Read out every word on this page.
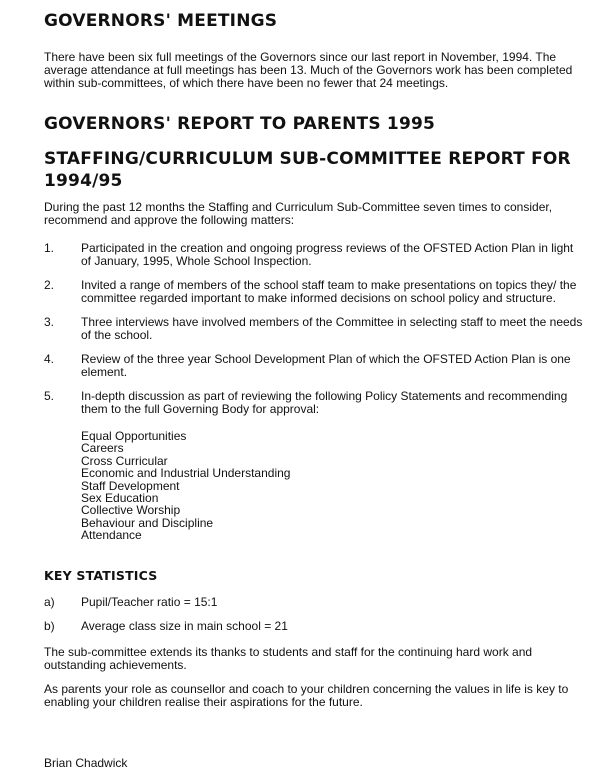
GOVERNORS' MEETINGS

There have been six full meetings of the Governors since our last report in November, 1994. The average attendance at full meetings has been 13. Much of the Governors work has been completed within sub-committees, of which there have been no fewer that 24 meetings.

GOVERNORS' REPORT TO PARENTS 1995
STAFFING/CURRICULUM SUB-COMMITTEE REPORT FOR 1994/95

During the past 12 months the Staffing and Curriculum Sub-Committee seven times to consider, recommend and approve the following matters:

1.	Participated in the creation and ongoing progress reviews of the OFSTED Action Plan in light of January, 1995, Whole School Inspection.
2.	Invited a range of members of the school staff team to make presentations on topics they/ the committee regarded important to make informed decisions on school policy and structure.
3.	Three interviews have involved members of the Committee in selecting staff to meet the needs of the school.
4.	Review of the three year School Development Plan of which the OFSTED Action Plan is one element.
5.	In-depth discussion as part of reviewing the following Policy Statements and recommending them to the full Governing Body for approval:
Equal Opportunities
Careers
Cross Curricular
Economic and Industrial Understanding
Staff Development
Sex Education
Collective Worship
Behaviour and Discipline
Attendance
KEY STATISTICS
a)	Pupil/Teacher ratio = 15:1
b)	Average class size in main school = 21

The sub-committee extends its thanks to students and staff for the continuing hard work and outstanding achievements.

As parents your role as counsellor and coach to your children concerning the values in life is key to enabling your children realise their aspirations for the future.

Brian Chadwick
